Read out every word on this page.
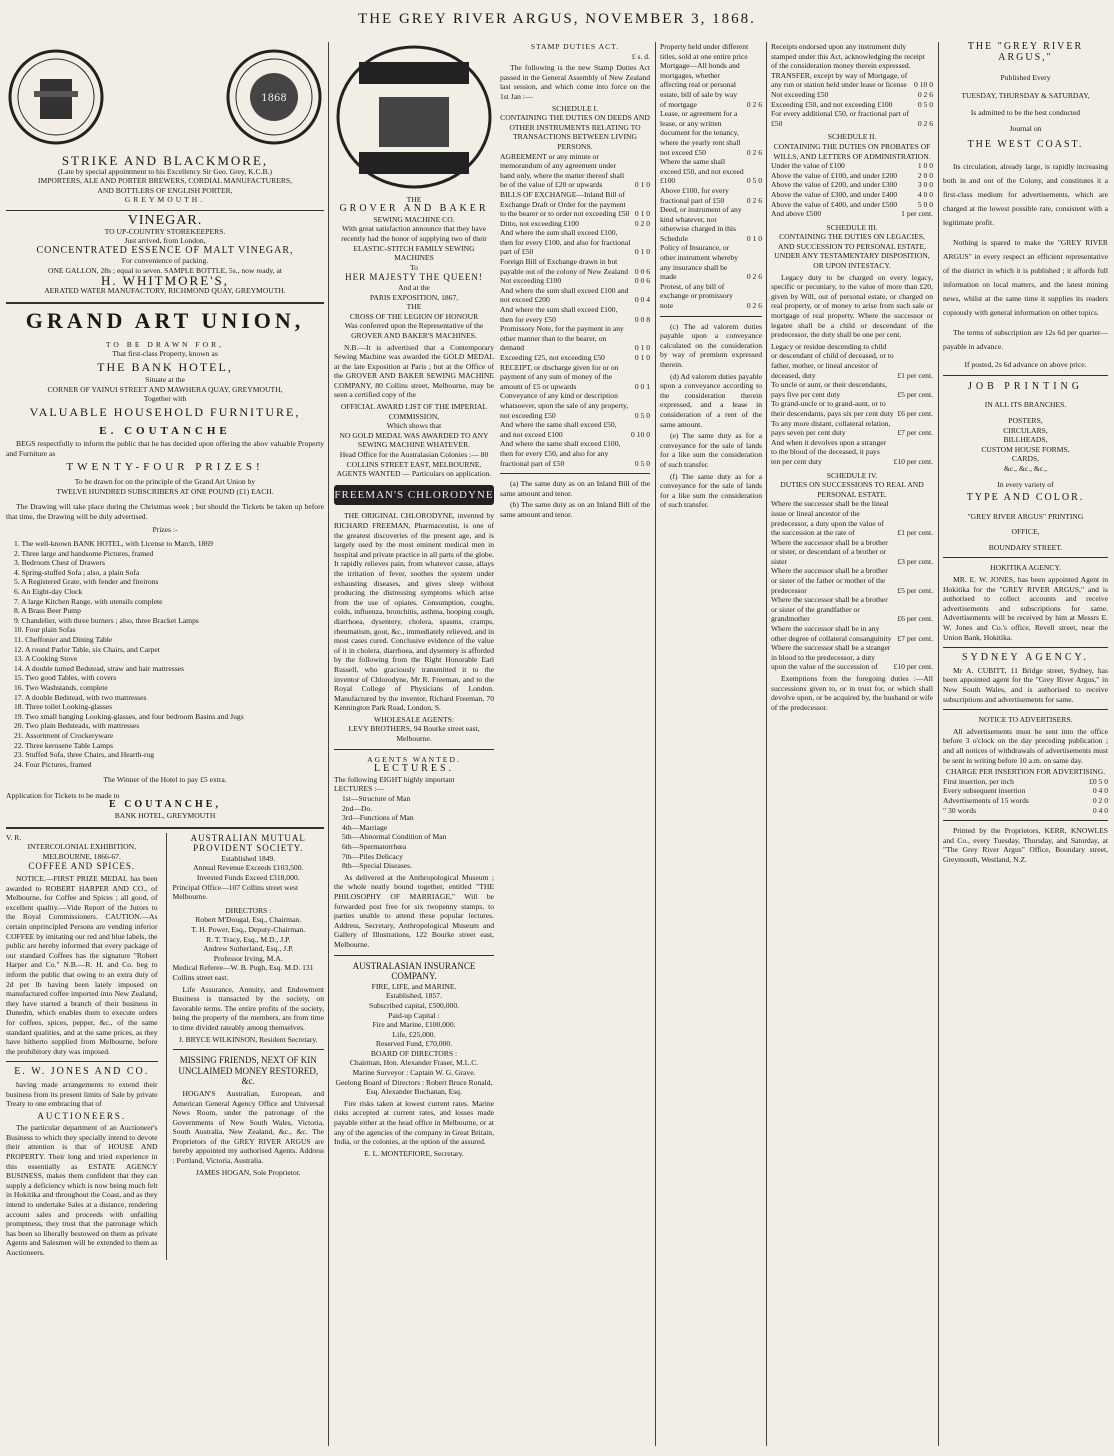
THE GREY RIVER ARGUS, NOVEMBER 3, 1868.
1868
STRIKE AND BLACKMORE,
(Late by special appointment to his Excellency Sir Geo. Grey, K.C.B.)
IMPORTERS, ALE AND PORTER BREWERS, CORDIAL MANUFACTURERS,
AND BOTTLERS OF ENGLISH PORTER,
GREYMOUTH.
VINEGAR.
TO UP-COUNTRY STOREKEEPERS.
Just arrived, from London,
CONCENTRATED ESSENCE OF MALT VINEGAR,
For convenience of packing.
ONE GALLON, 28s ; equal to seven. SAMPLE BOTTLE, 5s., now ready, at
H. WHITMORE'S,
AERATED WATER MANUFACTORY, RICHMOND QUAY, GREYMOUTH.
GRAND ART UNION,
TO BE DRAWN FOR,
That first-class Property, known as
THE BANK HOTEL,
Situate at the
CORNER OF YAINUI STREET AND MAWHERA QUAY, GREYMOUTH,
Together with
VALUABLE HOUSEHOLD FURNITURE,
E. COUTANCHE
BEGS respectfully to inform the public that he has decided upon offering the abov valuable Property and Furniture as
TWENTY-FOUR PRIZES!
To be drawn for on the principle of the Grand Art Union by
TWELVE HUNDRED SUBSCRIBERS AT ONE POUND (£1) EACH.
The Drawing will take place during the Christmas week ; but should the Tickets be taken up before that time, the Drawing will be duly advertised.
Prizes :-
1. The well-known BANK HOTEL, with License to March, 1869
2. Three large and handsome Pictures, framed
3. Bedroom Chest of Drawers
4. Spring-stuffed Sofa ; also, a plain Sofa
5. A Registered Grate, with fender and fireirons
6. An Eight-day Clock
7. A large Kitchen Range, with utensils complete
8. A Brass Beer Pump
9. Chandelier, with three burners ; also, three Bracket Lamps
10. Four plain Sofas
11. Cheffonier and Dining Table
12. A round Parlor Table, six Chairs, and Carpet
13. A Cooking Stove
14. A double turned Bedstead, straw and hair mattresses
15. Two good Tables, with covers
16. Two Washstands, complete
17. A double Bedstead, with two mattresses
18. Three toilet Looking-glasses
19. Two small hanging Looking-glasses, and four bedroom Basins and Jugs
20. Two plain Bedsteads, with mattresses
21. Assortment of Crockeryware
22. Three kerosene Table Lamps
23. Stuffed Sofa, three Chairs, and Hearth-rug
24. Four Pictures, framed
The Winner of the Hotel to pay £5 extra.
Application for Tickets to be made to
E COUTANCHE,
BANK HOTEL, GREYMOUTH
V. R.
INTERCOLONIAL EXHIBITION, MELBOURNE, 1866-67.
COFFEE AND SPICES.
NOTICE.—FIRST PRIZE MEDAL has been awarded to ROBERT HARPER AND CO., of Melbourne, for Coffee and Spices ; all good, of excellent quality.—Vide Report of the Jurors to the Royal Commissioners. CAUTION.—As certain unprincipled Persons are vending inferior COFFEE by imitating our red and blue labels, the public are hereby informed that every package of our standard Coffees has the signature "Robert Harper and Co." N.B.—R. H. and Co. beg to inform the public that owing to an extra duty of 2d per lb having been lately imposed on manufactured coffee imported into New Zealand, they have started a branch of their business in Dunedin, which enables them to execute orders for coffees, spices, pepper, &c., of the same standard qualities, and at the same prices, as they have hitherto supplied from Melbourne, before the prohibitory duty was imposed.
E. W. JONES AND CO.
having made arrangements to extend their business from its present limits of Sale by private Treaty to one embracing that of
AUCTIONEERS.
The particular department of an Auctioneer's Business to which they specially intend to devote their attention is that of HOUSE AND PROPERTY. Their long and tried experience in this essentially as ESTATE AGENCY BUSINESS, makes them confident that they can supply a deficiency which is now being much felt in Hokitika and throughout the Coast, and as they intend to undertake Sales at a distance, rendering account sales and proceeds with unfailing promptness, they trust that the patronage which has been so liberally bestowed on them as private Agents and Salesmen will be extended to them as Auctioneers.
AUSTRALIAN MUTUAL PROVIDENT SOCIETY.
Established 1849.
Annual Revenue Exceeds £103,500.
Invested Funds Exceed £318,000.
Principal Office—107 Collins street west Melbourne.
DIRECTORS :
Robert M'Dougal, Esq., Chairman.
T. H. Power, Esq., Deputy-Chairman.
R. T. Tracy, Esq., M.D., J.P.
Andrew Sutherland, Esq., J.P.
Professor Irving, M.A.
Medical Referee—W. B. Pugh, Esq. M.D. 131 Collins street east.
Life Assurance, Annuity, and Endowment Business is transacted by the society, on favorable terms. The entire profits of the society, being the property of the members, are from time to time divided rateably among themselves.
J. BRYCE WILKINSON, Resident Secretary.
MISSING FRIENDS, NEXT OF KIN UNCLAIMED MONEY RESTORED, &c.
HOGAN'S Australian, European, and American General Agency Office and Universal News Room, under the patronage of the Governments of New South Wales, Victoria, South Australia, New Zealand, &c., &c. The Proprietors of the GREY RIVER ARGUS are hereby appointed my authorised Agents. Address : Portland, Victoria, Australia.
JAMES HOGAN, Sole Proprietor.
THE
GROVER AND BAKER
SEWING MACHINE CO.
With great satisfaction announce that they have recently had the honor of supplying two of their
ELASTIC-STITCH FAMILY SEWING MACHINES
To
HER MAJESTY THE QUEEN!
And at the
PARIS EXPOSITION, 1867,
THE
CROSS OF THE LEGION OF HONOUR
Was conferred upon the Representative of the
GROVER AND BAKER'S MACHINES.
N.B.—It is advertised that a Contemporary Sewing Machine was awarded the GOLD MEDAL at the late Exposition at Paris ; but at the Office of the GROVER AND BAKER SEWING MACHINE COMPANY, 80 Collins street, Melbourne, may be seen a certified copy of the
OFFICIAL AWARD LIST OF THE IMPERIAL COMMISSION,
Which shows that
NO GOLD MEDAL WAS AWARDED TO ANY SEWING MACHINE WHATEVER.
Head Office for the Australasian Colonies :— 80 COLLINS STREET EAST, MELBOURNE.
AGENTS WANTED — Particulars on application.
FREEMAN'S CHLORODYNE
THE ORIGINAL CHLORODYNE, invented by RICHARD FREEMAN, Pharmaceutist, is one of the greatest discoveries of the present age, and is largely used by the most eminent medical men in hospital and private practice in all parts of the globe. It rapidly relieves pain, from whatever cause, allays the irritation of fever, soothes the system under exhausting diseases, and gives sleep without producing the distressing symptoms which arise from the use of opiates. Consumption, coughs, colds, influenza, bronchitis, asthma, hooping cough, diarrhoea, dysentery, cholera, spasms, cramps, rheumatism, gout, &c., immediately relieved, and in most cases cured. Conclusive evidence of the value of it in cholera, diarrhoea, and dysentery is afforded by the following from the Right Honorable Earl Russell, who graciously transmitted it to the inventor of Chlorodyne, Mr R. Freeman, and to the Royal College of Physicians of London. Manufactured by the inventor, Richard Freeman, 70 Kennington Park Road, London, S.
WHOLESALE AGENTS:
LEVY BROTHERS, 94 Bourke street east, Melbourne.
AGENTS WANTED.
LECTURES.
The following EIGHT highly important LECTURES :—
1st—Structure of Man
2nd—Do.
3rd—Functions of Man
4th—Marriage
5th—Abnormal Condition of Man
6th—Spermatorrhœa
7th—Piles Delicacy
8th—Special Diseases.
As delivered at the Anthropological Museum ; the whole neatly bound together, entitled "THE PHILOSOPHY OF MARRIAGE," Will be forwarded post free for six twopenny stamps, to parties unable to attend these popular lectures. Address, Secretary, Anthropological Museum and Gallery of Illustrations, 122 Bourke street east, Melbourne.
AUSTRALASIAN INSURANCE COMPANY.
FIRE, LIFE, and MARINE.
Established, 1857.
Subscribed capital, £500,000.
Paid-up Capital :
Fire and Marine, £100,000.
Life, £25,000.
Reserved Fund, £70,000.
BOARD OF DIRECTORS :
Chairman, Hon. Alexander Fraser, M.L.C.
Marine Surveyor : Captain W. G. Grave.
Geelong Board of Directors : Robert Bruce Ronald, Esq. Alexander Buchanan, Esq.
Fire risks taken at lowest current rates. Marine risks accepted at current rates, and losses made payable either at the head office in Melbourne, or at any of the agencies of the company in Great Britain, India, or the colonies, at the option of the assured.
E. L. MONTEFIORE, Secretary.
STAMP DUTIES ACT.
£ s. d.
The following is the new Stamp Duties Act passed in the General Assembly of New Zealand last session, and which come into force on the 1st Jan :—
SCHEDULE I.
CONTAINING THE DUTIES ON DEEDS AND OTHER INSTRUMENTS RELATING TO TRANSACTIONS BETWEEN LIVING PERSONS.
AGREEMENT or any minute or memorandum of any agreement under hand only, where the matter thereof shall be of the value of £20 or upwards	0 1 0
BILLS OF EXCHANGE—Inland Bill of Exchange Draft or Order for the payment to the bearer or to order not exceeding £50 0 1 0
Ditto, not exceeding £100	0 2 0
And where the sum shall exceed £100, then for every £100, and also for fractional part of £50	0 1 0
Foreign Bill of Exchange drawn in but payable out of the colony of New Zealand 0 0 6
Not exceeding £100	0 0 6
And where the sum shall exceed £100 and not exceed £200	0 0 4
And where the sum shall exceed £100, then for every £50	0 0 8
Promissory Note, for the payment in any other manner than to the bearer, on demand	0 1 0
Exceeding £25, not exceeding £50	0 1 0
RECEIPT, or discharge given for or on payment of any sum of money of the amount of £5 or upwards	0 0 1
Conveyance of any kind or description whatsoever, upon the sale of any property, not exceeding £50	0 5 0
And where the same shall exceed £50, and not exceed £100	0 10 0
And where the same shall exceed £100, then for every £50, and also for any fractional part of £50	0 5 0
(a) The same duty as on an Inland Bill of the same amount and tenor.
(b) The same duty as on an Inland Bill of the same amount and tenor.
Property held under different titles, sold at one entire price
Mortgage—All bonds and mortgages, whether affecting real or personal estate, bill of sale by way of mortgage	0 2 6
Lease, or agreement for a lease, or any written document for the tenancy, where the yearly rent shall not exceed £50	0 2 6
Where the same shall exceed £50, and not exceed £100	0 5 0
Above £100, for every fractional part of £50	0 2 6
Deed, or instrument of any kind whatever, not otherwise charged in this Schedule	0 1 0
Policy of Insurance, or other instrument whereby any insurance shall be made	0 2 6
Protest, of any bill of exchange or promissory note	0 2 6
(c) The ad valorem duties payable upon a conveyance calculated on the consideration by way of premium expressed therein.
(d) Ad valorem duties payable upon a conveyance according to the consideration therein expressed, and a lease in consideration of a rent of the same amount.
(e) The same duty as for a conveyance for the sale of lands for a like sum the consideration of such transfer.
(f) The same duty as for a conveyance for the sale of lands for a like sum the consideration of such transfer.
Receipts endorsed upon any instrument duly stamped under this Act, acknowledging the receipt of the consideration money therein expressed.
TRANSFER, except by way of Mortgage, of any run or station held under lease or license 0 10 0
Not exceeding £50	0 2 6
Exceeding £50, and not exceeding £100	0 5 0
For every additional £50, or fractional part of £50	0 2 6
SCHEDULE II.
CONTAINING THE DUTIES ON PROBATES OF WILLS, AND LETTERS OF ADMINISTRATION.
Under the value of £100	1 0 0
Above the value of £100, and under £200	2 0 0
Above the value of £200, and under £300	3 0 0
Above the value of £300, and under £400	4 0 0
Above the value of £400, and under £500	5 0 0
And above £500	1 per cent.
SCHEDULE III.
CONTAINING THE DUTIES ON LEGACIES, AND SUCCESSION TO PERSONAL ESTATE, UNDER ANY TESTAMENTARY DISPOSITION, OR UPON INTESTACY.
Legacy duty to be charged on every legacy, specific or pecuniary, to the value of more than £20, given by Will, out of personal estate, or charged on real property, or of money to arise from such sale or mortgage of real property. Where the successor or legatee shall be a child or descendant of the predecessor, the duty shall be one per cent.
Legacy or residue descending to child or descendant of child of deceased, or to father, mother, or lineal ancestor of deceased, duty	£1 per cent.
To uncle or aunt, or their descendants, pays five per cent duty	£5 per cent.
To grand-uncle or to grand-aunt, or to their descendants, pays six per cent duty £6 per cent.
To any more distant, collateral relation, pays seven per cent duty	£7 per cent.
And when it devolves upon a stranger to the blood of the deceased, it pays ten per cent duty	£10 per cent.
SCHEDULE IV.
DUTIES ON SUCCESSIONS TO REAL AND PERSONAL ESTATE.
Where the successor shall be the lineal issue or lineal ancestor of the predecessor, a duty upon the value of the succession at the rate of	£1 per cent.
Where the successor shall be a brother or sister, or descendant of a brother or sister	£3 per cent.
Where the successor shall be a brother or sister of the father or mother of the predecessor	£5 per cent.
Where the successor shall be a brother or sister of the grandfather or grandmother	£6 per cent.
Where the successor shall be in any other degree of collateral consanguinity £7 per cent.
Where the successor shall be a stranger in blood to the predecessor, a duty upon the value of the succession of	£10 per cent.
Exemptions from the foregoing duties :—All successions given to, or in trust for, or which shall devolve upon, or be acquired by, the husband or wife of the predecessor.
THE "GREY RIVER ARGUS,"
Published Every
TUESDAY, THURSDAY & SATURDAY,
Is admitted to be the best conducted
Journal on
THE WEST COAST.
Its circulation, already large, is rapidly increasing both in and out of the Colony, and constitutes it a first-class medium for advertisements, which are charged at the lowest possible rate, consistent with a legitimate profit.
Nothing is spared to make the "GREY RIVER ARGUS" in every respect an efficient representative of the district in which it is published ; it affords full information on local matters, and the latest mining news, whilst at the same time it supplies its readers copiously with general information on other topics.
The terms of subscription are 12s 6d per quarter—payable in advance.
If posted, 2s 6d advance on above price.
JOB PRINTING
IN ALL ITS BRANCHES.
POSTERS,
CIRCULARS,
BILLHEADS,
CUSTOM HOUSE FORMS,
CARDS,
&c., &c., &c.,
In every variety of
TYPE AND COLOR.
"GREY RIVER ARGUS" PRINTING
OFFICE,
BOUNDARY STREET.
HOKITIKA AGENCY.
MR. E. W. JONES, has been appointed Agent in Hokitika for the "GREY RIVER ARGUS," and is authorised to collect accounts and receive advertisements and subscriptions for same. Advertisements will be received by him at Messrs E. W. Jones and Co.'s office, Revell street, near the Union Bank, Hokitika.
SYDNEY AGENCY.
Mr A. CUBITT, 11 Bridge street, Sydney, has been appointed agent for the "Grey River Argus," in New South Wales, and is authorised to receive subscriptions and advertisements for same.
NOTICE TO ADVERTISERS.
All advertisements must be sent into the office before 3 o'clock on the day preceding publication ; and all notices of withdrawals of advertisements must be sent in writing before 10 a.m. on same day.
CHARGE PER INSERTION FOR ADVERTISING.
First insertion, per inch	£0 5 0
Every subsequent insertion	0 4 0
Advertisements of 15 words	0 2 0
" 30 words	0 4 0
Printed by the Proprietors, KERR, KNOWLES and Co., every Tuesday, Thursday, and Saturday, at "The Grey River Argus" Office, Boundary street, Greymouth, Westland, N.Z.
